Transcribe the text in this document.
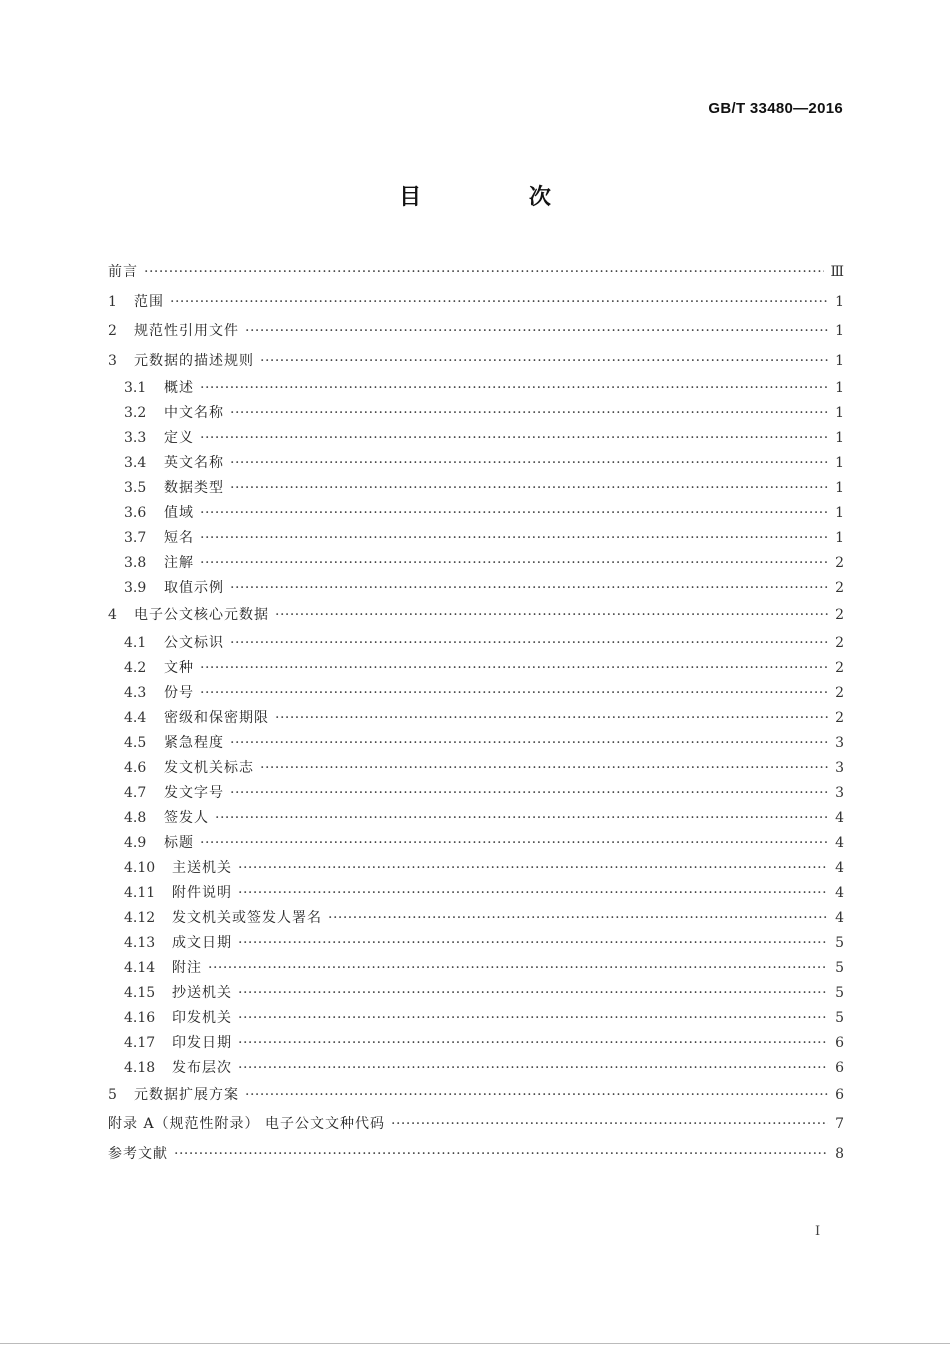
GB/T 33480—2016
目 次
前言 ·····	Ⅲ
1	范围 ·····	1
2	规范性引用文件 ·····	1
3	元数据的描述规则 ·····	1
3.1	概述 ·····	1
3.2	中文名称 ·····	1
3.3	定义 ·····	1
3.4	英文名称 ·····	1
3.5	数据类型 ·····	1
3.6	值域 ·····	1
3.7	短名 ·····	1
3.8	注解 ·····	2
3.9	取值示例 ·····	2
4	电子公文核心元数据 ·····	2
4.1	公文标识 ·····	2
4.2	文种 ·····	2
4.3	份号 ·····	2
4.4	密级和保密期限 ·····	2
4.5	紧急程度 ·····	3
4.6	发文机关标志 ·····	3
4.7	发文字号 ·····	3
4.8	签发人 ·····	4
4.9	标题 ·····	4
4.10	主送机关 ·····	4
4.11	附件说明 ·····	4
4.12	发文机关或签发人署名 ·····	4
4.13	成文日期 ·····	5
4.14	附注 ·····	5
4.15	抄送机关 ·····	5
4.16	印发机关 ·····	5
4.17	印发日期 ·····	6
4.18	发布层次 ·····	6
5	元数据扩展方案 ·····	6
附录 A（规范性附录） 电子公文文种代码 ·····	7
参考文献 ·····	8
I
